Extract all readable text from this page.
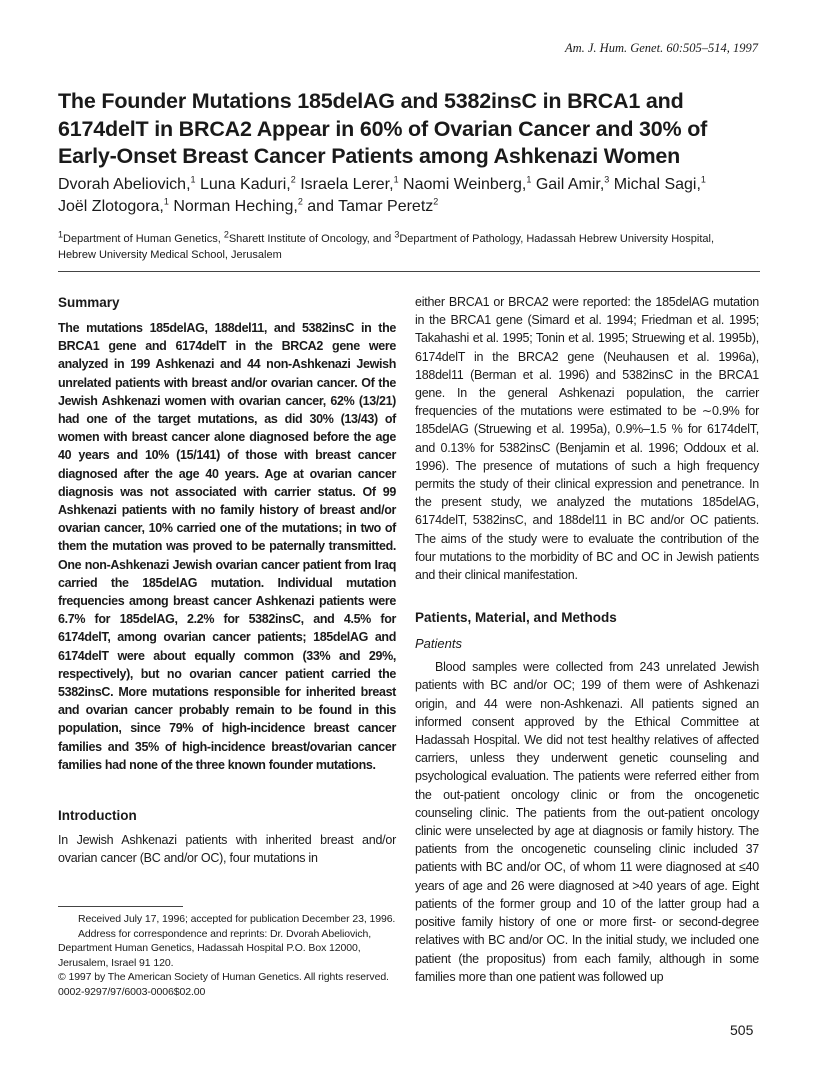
Am. J. Hum. Genet. 60:505–514, 1997
The Founder Mutations 185delAG and 5382insC in BRCA1 and
6174delT in BRCA2 Appear in 60% of Ovarian Cancer and 30% of
Early-Onset Breast Cancer Patients among Ashkenazi Women
Dvorah Abeliovich,$^1$ Luna Kaduri,$^2$ Israela Lerer,$^1$ Naomi Weinberg,$^1$ Gail Amir,$^3$ Michal Sagi,$^1$
Joël Zlotogora,$^1$ Norman Heching,$^2$ and Tamar Peretz$^2$
$^1$Department of Human Genetics, $^2$Sharett Institute of Oncology, and $^3$Department of Pathology, Hadassah Hebrew University Hospital,
Hebrew University Medical School, Jerusalem
Summary

The mutations 185delAG, 188del11, and 5382insC in the BRCA1 gene and 6174delT in the BRCA2 gene were analyzed in 199 Ashkenazi and 44 non-Ashkenazi Jewish unrelated patients with breast and/or ovarian cancer. Of the Jewish Ashkenazi women with ovarian cancer, 62% (13/21) had one of the target mutations, as did 30% (13/43) of women with breast cancer alone diagnosed before the age 40 years and 10% (15/141) of those with breast cancer diagnosed after the age 40 years. Age at ovarian cancer diagnosis was not associated with carrier status. Of 99 Ashkenazi patients with no family history of breast and/or ovarian cancer, 10% carried one of the mutations; in two of them the mutation was proved to be paternally transmitted. One non-Ashkenazi Jewish ovarian cancer patient from Iraq carried the 185delAG mutation. Individual mutation frequencies among breast cancer Ashkenazi patients were 6.7% for 185delAG, 2.2% for 5382insC, and 4.5% for 6174delT, among ovarian cancer patients; 185delAG and 6174delT were about equally common (33% and 29%, respectively), but no ovarian cancer patient carried the 5382insC. More mutations responsible for inherited breast and ovarian cancer probably remain to be found in this population, since 79% of high-incidence breast cancer families and 35% of high-incidence breast/ovarian cancer families had none of the three known founder mutations.

Introduction

In Jewish Ashkenazi patients with inherited breast and/or ovarian cancer (BC and/or OC), four mutations in

Received July 17, 1996; accepted for publication December 23, 1996.

Address for correspondence and reprints: Dr. Dvorah Abeliovich, Department Human Genetics, Hadassah Hospital P.O. Box 12000, Jerusalem, Israel 91 120.

© 1997 by The American Society of Human Genetics. All rights reserved.

0002-9297/97/6003-0006$02.00

either BRCA1 or BRCA2 were reported: the 185delAG mutation in the BRCA1 gene (Simard et al. 1994; Friedman et al. 1995; Takahashi et al. 1995; Tonin et al. 1995; Struewing et al. 1995b), 6174delT in the BRCA2 gene (Neuhausen et al. 1996a), 188del11 (Berman et al. 1996) and 5382insC in the BRCA1 gene. In the general Ashkenazi population, the carrier frequencies of the mutations were estimated to be ∼0.9% for 185delAG (Struewing et al. 1995a), 0.9%–1.5 % for 6174delT, and 0.13% for 5382insC (Benjamin et al. 1996; Oddoux et al. 1996). The presence of mutations of such a high frequency permits the study of their clinical expression and penetrance. In the present study, we analyzed the mutations 185delAG, 6174delT, 5382insC, and 188del11 in BC and/or OC patients. The aims of the study were to evaluate the contribution of the four mutations to the morbidity of BC and OC in Jewish patients and their clinical manifestation.

Patients, Material, and Methods
Patients

Blood samples were collected from 243 unrelated Jewish patients with BC and/or OC; 199 of them were of Ashkenazi origin, and 44 were non-Ashkenazi. All patients signed an informed consent approved by the Ethical Committee at Hadassah Hospital. We did not test healthy relatives of affected carriers, unless they underwent genetic counseling and psychological evaluation. The patients were referred either from the out-patient oncology clinic or from the oncogenetic counseling clinic. The patients from the out-patient oncology clinic were unselected by age at diagnosis or family history. The patients from the oncogenetic counseling clinic included 37 patients with BC and/or OC, of whom 11 were diagnosed at ≤40 years of age and 26 were diagnosed at >40 years of age. Eight patients of the former group and 10 of the latter group had a positive family history of one or more first- or second-degree relatives with BC and/or OC. In the initial study, we included one patient (the propositus) from each family, although in some families more than one patient was followed up

505
